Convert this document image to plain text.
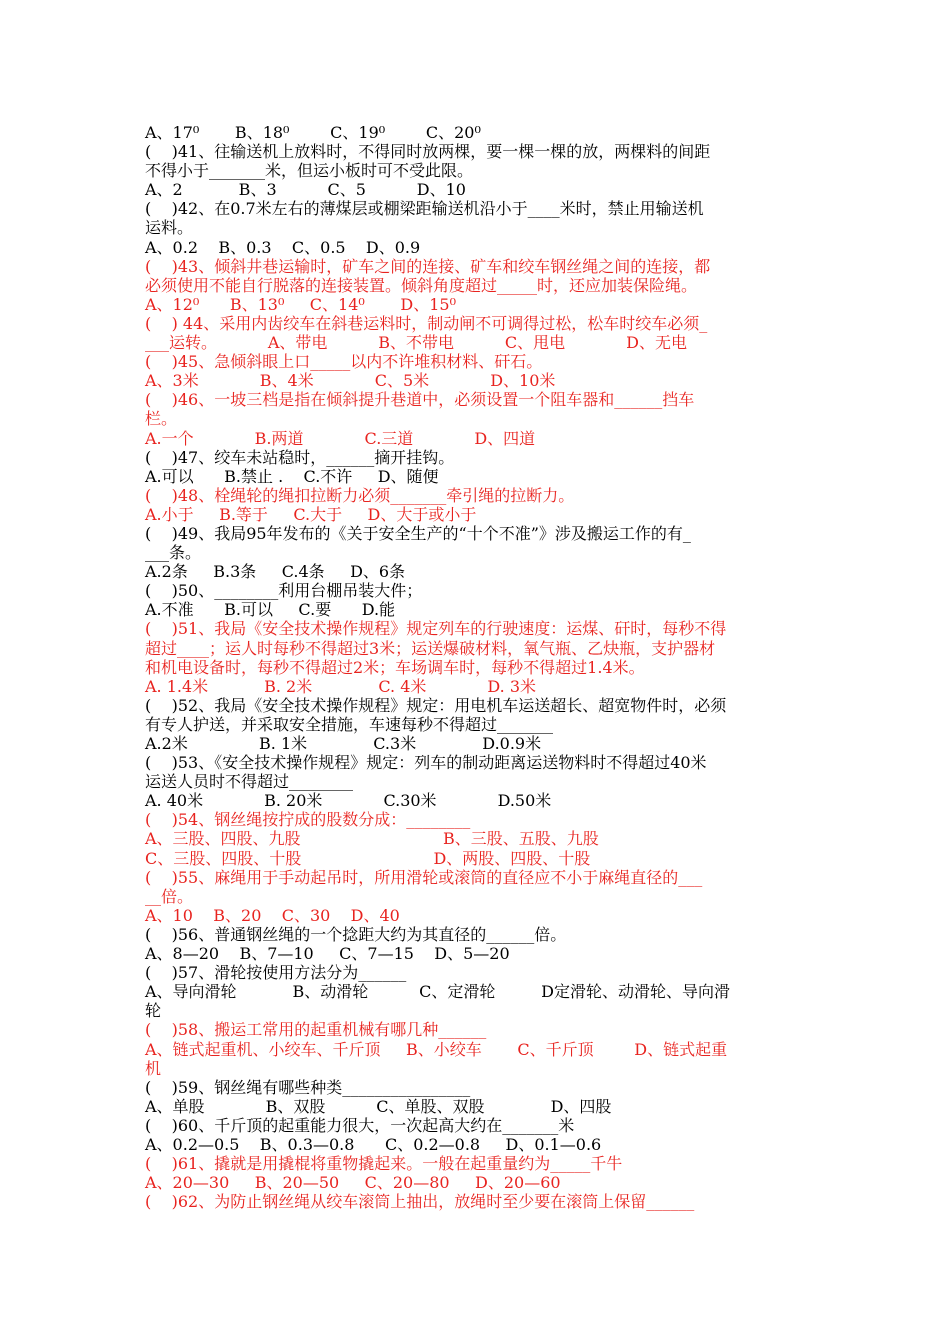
A、17⁰       B、18⁰        C、19⁰        C、20⁰
(    )41、往输送机上放料时，不得同时放两棵，要一棵一棵的放，两棵料的间距
不得小于_______米，但运小板时可不受此限。
A、2           B、3          C、5          D、10
(    )42、在0.7米左右的薄煤层或棚梁距输送机沿小于____米时，禁止用输送机
运料。
A、0.2    B、0.3    C、0.5    D、0.9
(    )43、倾斜井巷运输时，矿车之间的连接、矿车和绞车钢丝绳之间的连接，都
必须使用不能自行脱落的连接装置。倾斜角度超过_____时，还应加装保险绳。
A、12⁰      B、13⁰     C、14⁰       D、15⁰
(    ) 44、采用内齿绞车在斜巷运料时，制动闸不可调得过松，松车时绞车必须_
___运转。          A、带电          B、不带电          C、甩电            D、无电
(    )45、急倾斜眼上口_____以内不许堆积材料、矸石。
A、3米            B、4米            C、5米            D、10米
(    )46、一坡三档是指在倾斜提升巷道中，必须设置一个阻车器和______挡车
栏。
A.一个            B.两道            C.三道            D、四道
(    )47、绞车未站稳时，______摘开挂钩。
A.可以      B.禁止 .    C.不许     D、随便
(    )48、栓绳轮的绳扣拉断力必须_______牵引绳的拉断力。
A.小于     B.等于     C.大于     D、大于或小于
(    )49、我局95年发布的《关于安全生产的“十个不准”》涉及搬运工作的有_
___条。
A.2条     B.3条     C.4条     D、6条
(    )50、________利用台棚吊装大件；
A.不准      B.可以     C.要      D.能
(    )51、我局《安全技术操作规程》规定列车的行驶速度：运煤、矸时，每秒不得
超过____；运人时每秒不得超过3米；运送爆破材料，氧气瓶、乙炔瓶，支护器材
和机电设备时，每秒不得超过2米；车场调车时，每秒不得超过1.4米。
A. 1.4米           B. 2米             C. 4米            D. 3米
(    )52、我局《安全技术操作规程》规定：用电机车运送超长、超宽物件时，必须
有专人护送，并采取安全措施，车速每秒不得超过_______
A.2米              B. 1米             C.3米             D.0.9米
(    )53、《安全技术操作规程》规定：列车的制动距离运送物料时不得超过40米
运送人员时不得超过________
A. 40米            B. 20米            C.30米            D.50米
(    )54、钢丝绳按拧成的股数分成：________
A、三股、四股、九股                            B、三股、五股、九股
C、三股、四股、十股                          D、两股、四股、十股
(    )55、麻绳用于手动起吊时，所用滑轮或滚筒的直径应不小于麻绳直径的___
__倍。
A、10    B、20    C、30    D、40
(    )56、普通钢丝绳的一个捻距大约为其直径的______倍。
A、8—20    B、7—10     C、7—15    D、5—20
(    )57、滑轮按使用方法分为______
A、导向滑轮           B、动滑轮          C、定滑轮         D定滑轮、动滑轮、导向滑
轮
(    )58、搬运工常用的起重机械有哪几种______
A、链式起重机、小绞车、千斤顶     B、小绞车       C、千斤顶        D、链式起重
机
(    )59、钢丝绳有哪些种类________________
A、单股            B、双股          C、单股、双股             D、四股
(    )60、千斤顶的起重能力很大，一次起高大约在_______米
A、0.2—0.5    B、0.3—0.8      C、0.2—0.8     D、0.1—0.6
(    )61、撬就是用撬棍将重物撬起来。一般在起重量约为_____千牛
A、20—30     B、20—50     C、20—80     D、20—60
(    )62、为防止钢丝绳从绞车滚筒上抽出，放绳时至少要在滚筒上保留______
